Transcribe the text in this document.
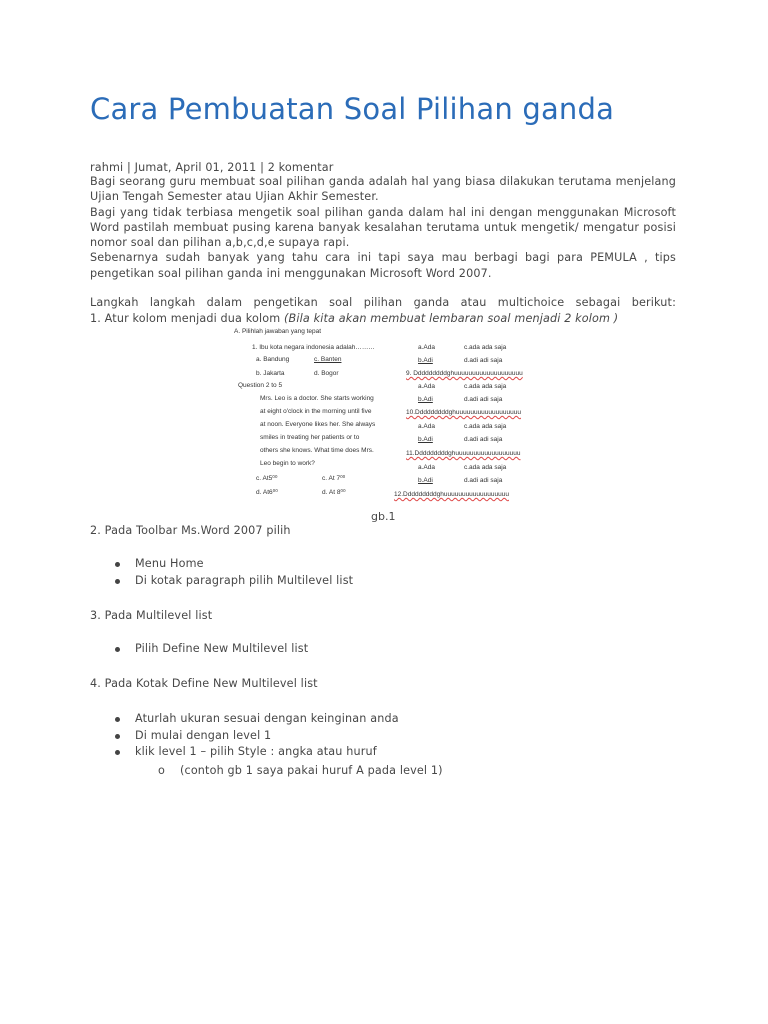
Cara Pembuatan Soal Pilihan ganda
rahmi | Jumat, April 01, 2011 | 2 komentar

Bagi seorang guru membuat soal pilihan ganda adalah hal yang biasa dilakukan terutama menjelang Ujian Tengah Semester atau Ujian Akhir Semester.

Bagi yang tidak terbiasa mengetik soal pilihan ganda dalam hal ini dengan menggunakan Microsoft Word pastilah membuat pusing karena banyak kesalahan terutama untuk mengetik/ mengatur posisi nomor soal dan pilihan a,b,c,d,e supaya rapi.

Sebenarnya sudah banyak yang tahu cara ini tapi saya mau berbagi bagi para PEMULA , tips pengetikan soal pilihan ganda ini menggunakan Microsoft Word 2007.

Langkah langkah dalam pengetikan soal pilihan ganda atau multichoice sebagai berikut:
1. Atur kolom menjadi dua kolom (Bila kita akan membuat lembaran soal menjadi 2 kolom )
A. Pilihlah jawaban yang tepat
1. Ibu kota negara indonesia adalah………
a. Bandung	c. Banten
b. Jakarta	d. Bogor
Question 2 to 5
Mrs. Leo is a doctor. She starts working
at eight o'clock in the morning until five
at noon. Everyone likes her. She always
smiles in treating her patients or to
others she knows. What time does Mrs.
Leo begin to work?
c. At5⁰⁰	c. At 7⁰⁰
d. At6⁰⁰	d. At 8⁰⁰
a.Ada	c.ada ada saja
b.Adi	d.adi adi saja
9. Dddddddddghuuuuuuuuuuuuuuuuuuu
a.Ada	c.ada ada saja
b.Adi	d.adi adi saja
10.Dddddddddghuuuuuuuuuuuuuuuuuu
a.Ada	c.ada ada saja
b.Adi	d.adi adi saja
11.Dddddddddghuuuuuuuuuuuuuuuuuu
a.Ada	c.ada ada saja
b.Adi	d.adi adi saja
12.Dddddddddghuuuuuuuuuuuuuuuuuu
gb.1
2. Pada Toolbar Ms.Word 2007 pilih
Menu Home
Di kotak paragraph pilih Multilevel list
3. Pada Multilevel list
Pilih Define New Multilevel list
4. Pada Kotak Define New Multilevel list
Aturlah ukuran sesuai dengan keinginan anda
Di mulai dengan level 1
klik level 1 – pilih Style : angka atau huruf
o (contoh gb 1 saya pakai huruf A pada level 1)
